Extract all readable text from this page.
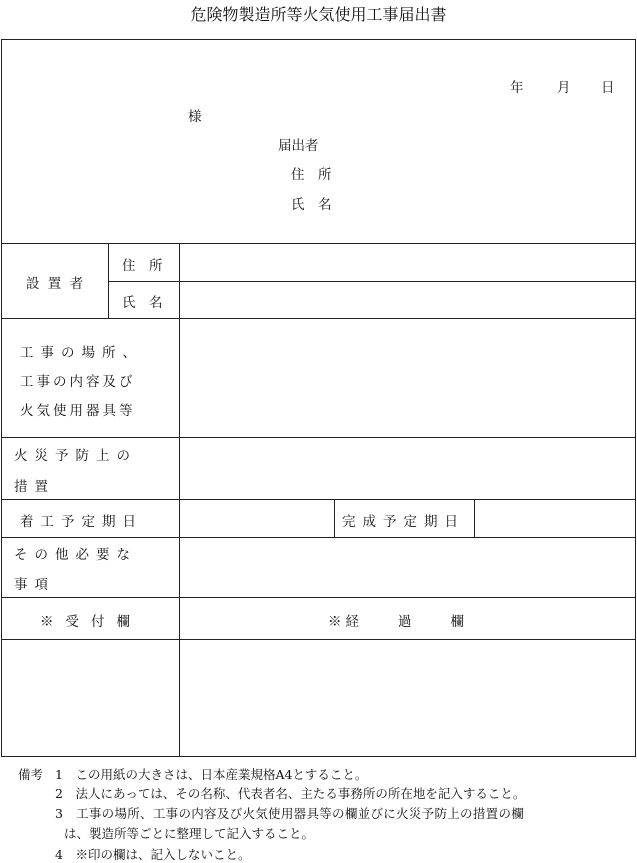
危険物製造所等火気使用工事届出書
年 月 日
様
届出者
住　所
氏　名
設 置 者
住　所
氏　名
工事の場所、
工事の内容及び
火気使用器具等
火災予防上の
措置
着工予定期日	完成予定期日
その他必要な
事項
※受付欄	※経　　過　　欄
備考 1　この用紙の大きさは、日本産業規格A4とすること。
2　法人にあっては、その名称、代表者名、主たる事務所の所在地を記入すること。
3　工事の場所、工事の内容及び火気使用器具等の欄並びに火災予防上の措置の欄
は、製造所等ごとに整理して記入すること。
4　※印の欄は、記入しないこと。
